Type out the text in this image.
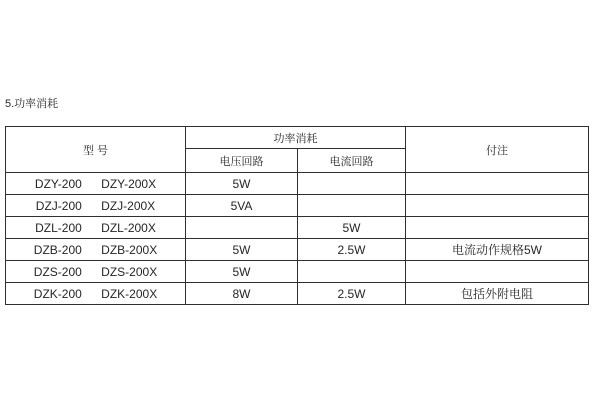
5.功率消耗
型 号	功率消耗		付注
	电压回路	电流回路	
DZY-200 DZY-200X	5W		
DZJ-200 DZJ-200X	5VA		
DZL-200 DZL-200X		5W	
DZB-200 DZB-200X	5W	2.5W	电流动作规格5W
DZS-200 DZS-200X	5W		
DZK-200 DZK-200X	8W	2.5W	包括外附电阻
